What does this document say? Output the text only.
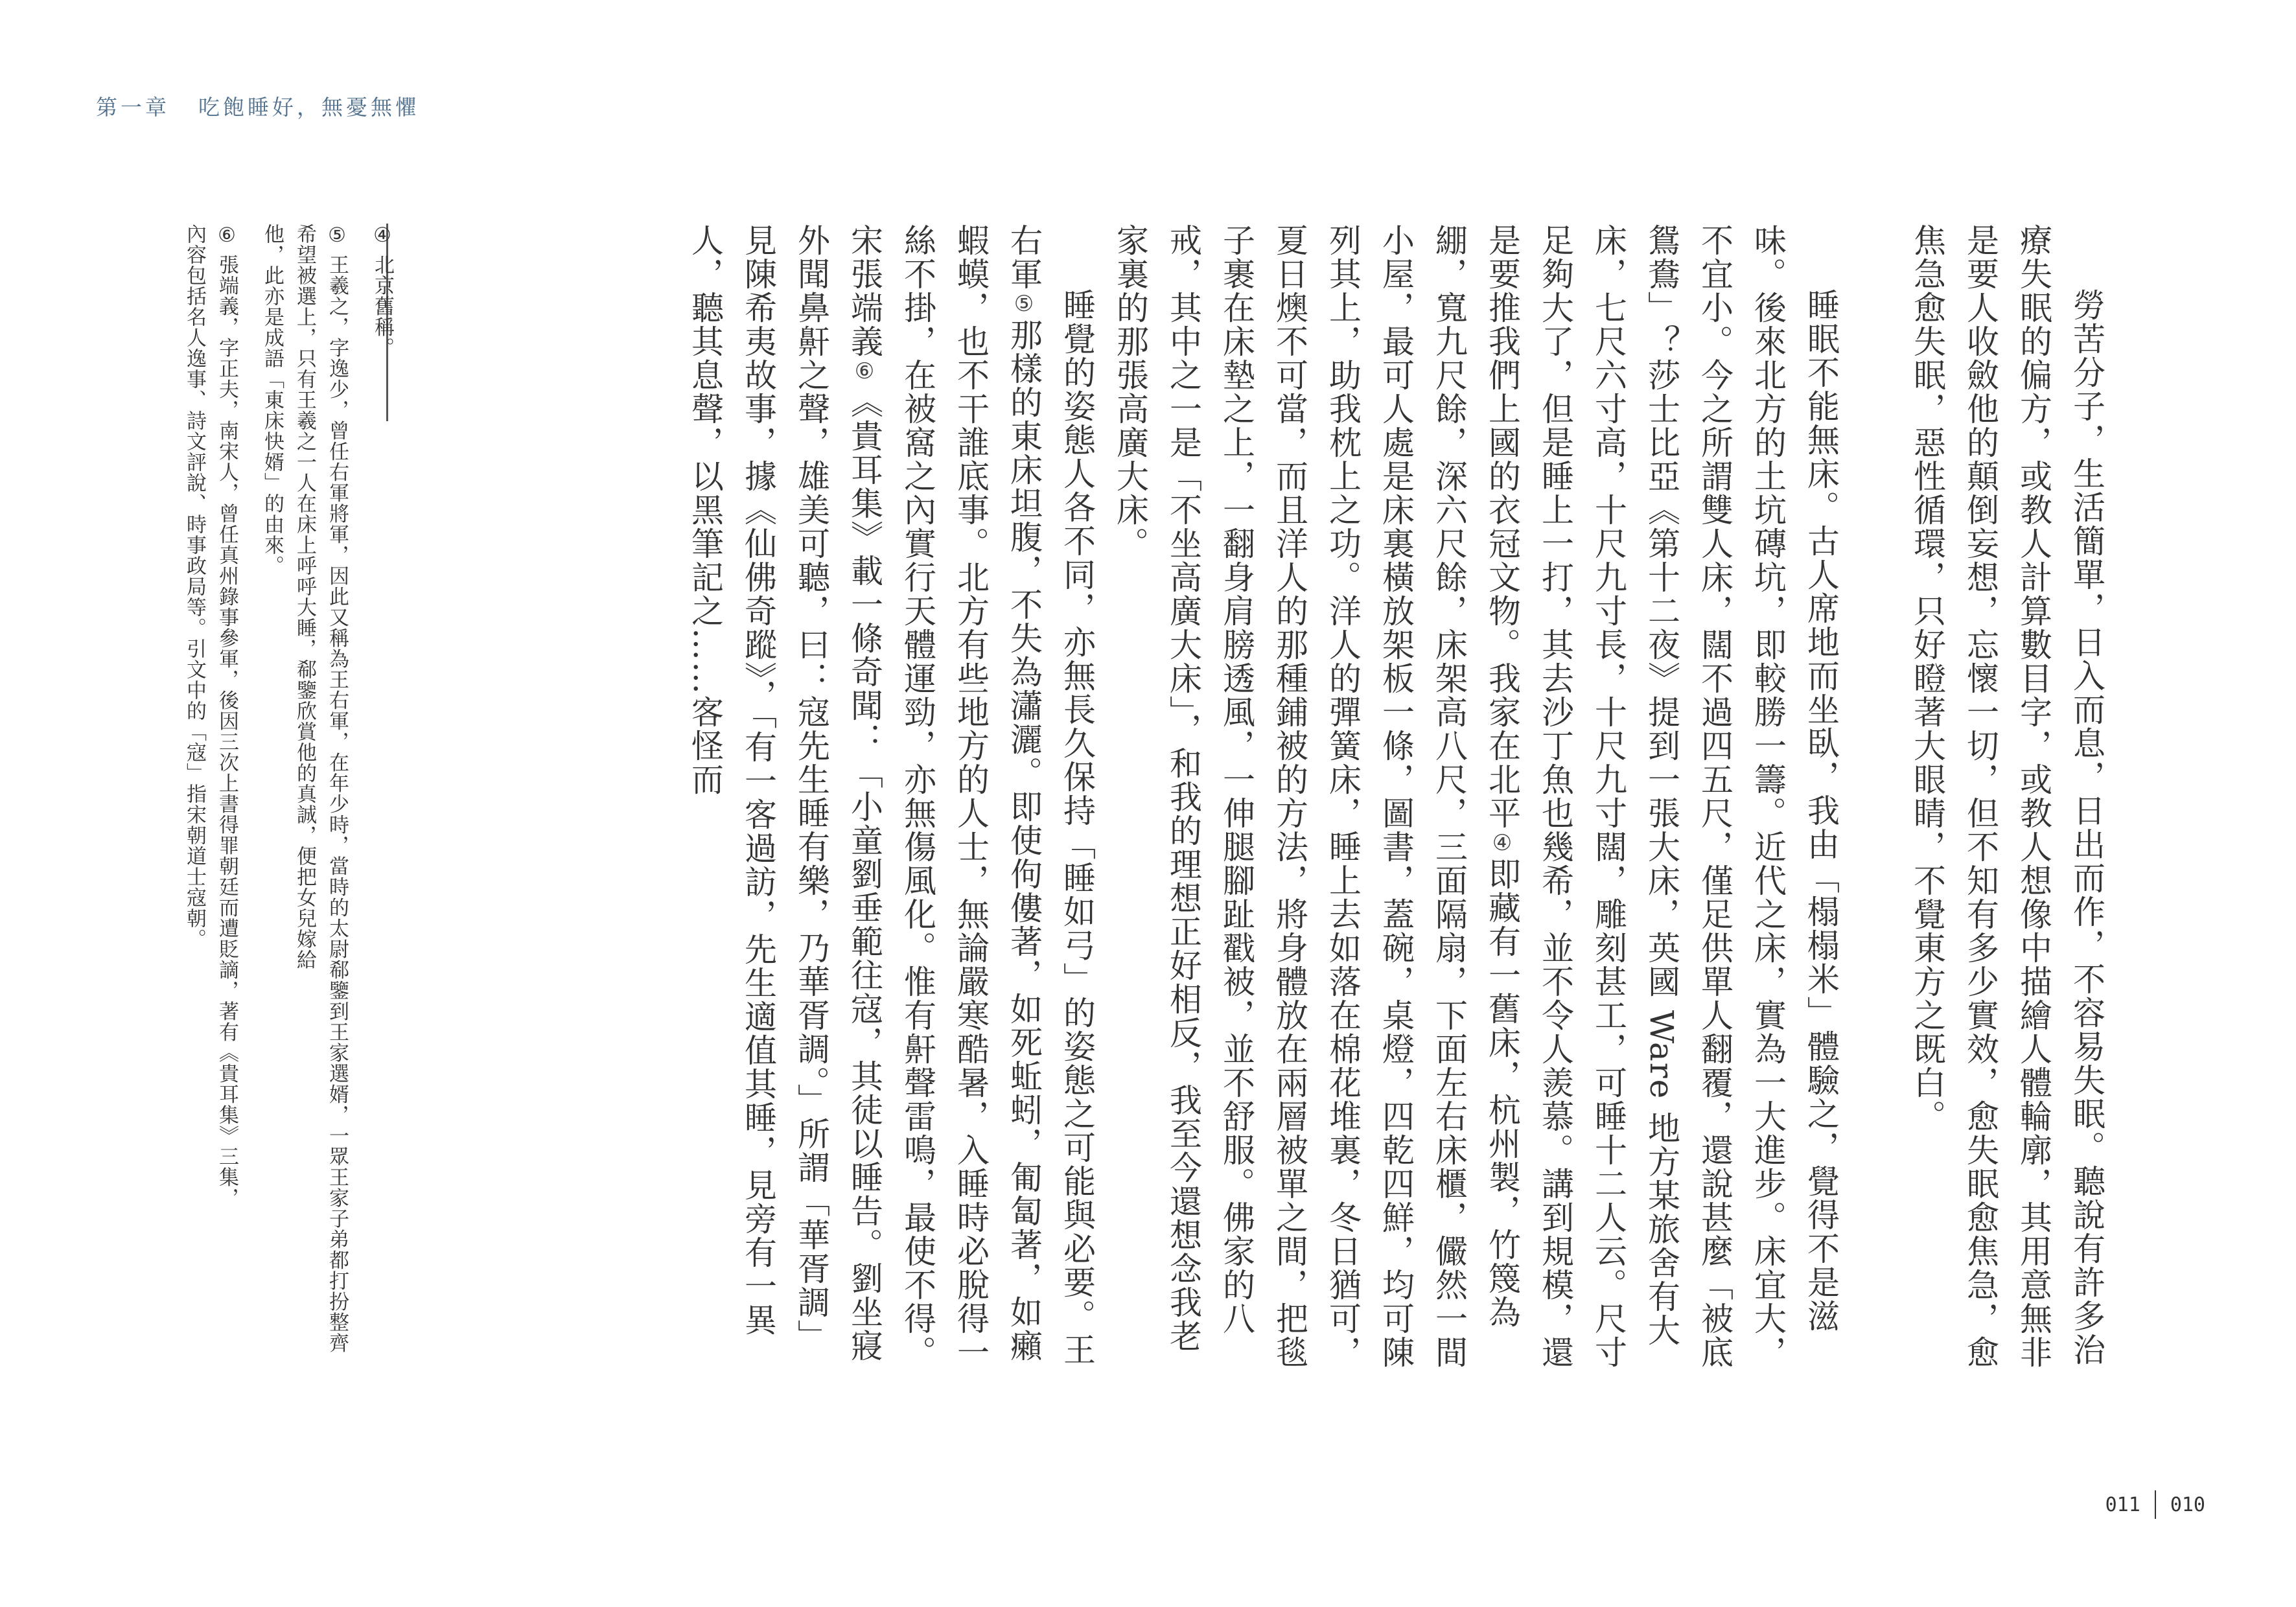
第一章 吃飽睡好，無憂無懼

勞苦分子，生活簡單，日入而息，日出而作，不容易失眠。聽說有許多治療失眠的偏方，或教人計算數目字，或教人想像中描繪人體輪廓，其用意無非是要人收斂他的顛倒妄想，忘懷一切，但不知有多少實效，愈失眠愈焦急，愈焦急愈失眠，惡性循環，只好瞪著大眼睛，不覺東方之既白。

睡眠不能無床。古人席地而坐臥，我由「榻榻米」體驗之，覺得不是滋味。後來北方的土坑磚坑，即較勝一籌。近代之床，實為一大進步。床宜大，不宜小。今之所謂雙人床，闊不過四五尺，僅足供單人翻覆，還說甚麼「被底鴛鴦」？莎士比亞《第十二夜》提到一張大床，英國 Ware 地方某旅舍有大床，七尺六寸高，十尺九寸長，十尺九寸闊，雕刻甚工，可睡十二人云。尺寸足夠大了，但是睡上一打，其去沙丁魚也幾希，並不令人羨慕。講到規模，還是要推我們上國的衣冠文物。我家在北平④即藏有一舊床，杭州製，竹篾為綳，寬九尺餘，深六尺餘，床架高八尺，三面隔扇，下面左右床櫃，儼然一間小屋，最可人處是床裏橫放架板一條，圖書，蓋碗，桌燈，四乾四鮮，均可陳列其上，助我枕上之功。洋人的彈簧床，睡上去如落在棉花堆裏，冬日猶可，夏日燠不可當，而且洋人的那種鋪被的方法，將身體放在兩層被單之間，把毯子裹在床墊之上，一翻身肩膀透風，一伸腿腳趾戳被，並不舒服。佛家的八戒，其中之一是「不坐高廣大床」，和我的理想正好相反，我至今還想念我老家裏的那張高廣大床。

睡覺的姿態人各不同，亦無長久保持「睡如弓」的姿態之可能與必要。王右軍⑤那樣的東床坦腹，不失為瀟灑。即使佝僂著，如死蚯蚓，匍匐著，如癩蝦蟆，也不干誰底事。北方有些地方的人士，無論嚴寒酷暑，入睡時必脫得一絲不掛，在被窩之內實行天體運勁，亦無傷風化。惟有鼾聲雷鳴，最使不得。宋張端義⑥《貴耳集》載一條奇聞：「小童劉垂範往寇，其徒以睡告。劉坐寢外聞鼻鼾之聲，雄美可聽，曰：寇先生睡有樂，乃華胥調。」所謂「華胥調」見陳希夷故事，據《仙佛奇蹤》，「有一客過訪，先生適值其睡，見旁有一異人，聽其息聲，以黑筆記之……客怪而

④ 北京舊稱。

⑤ 王羲之，字逸少，曾任右軍將軍，因此又稱為王右軍，在年少時，當時的太尉郗鑒到王家選婿，一眾王家子弟都打扮整齊希望被選上，只有王羲之一人在床上呼呼大睡，郗鑒欣賞他的真誠，便把女兒嫁給

他，此亦是成語「東床快婿」的由來。

⑥ 張端義，字正夫，南宋人，曾任真州錄事參軍，後因三次上書得罪朝廷而遭貶謫，著有《貴耳集》三集，

內容包括名人逸事、詩文評說、時事政局等。引文中的「寇」指宋朝道士寇朝。

011 010
